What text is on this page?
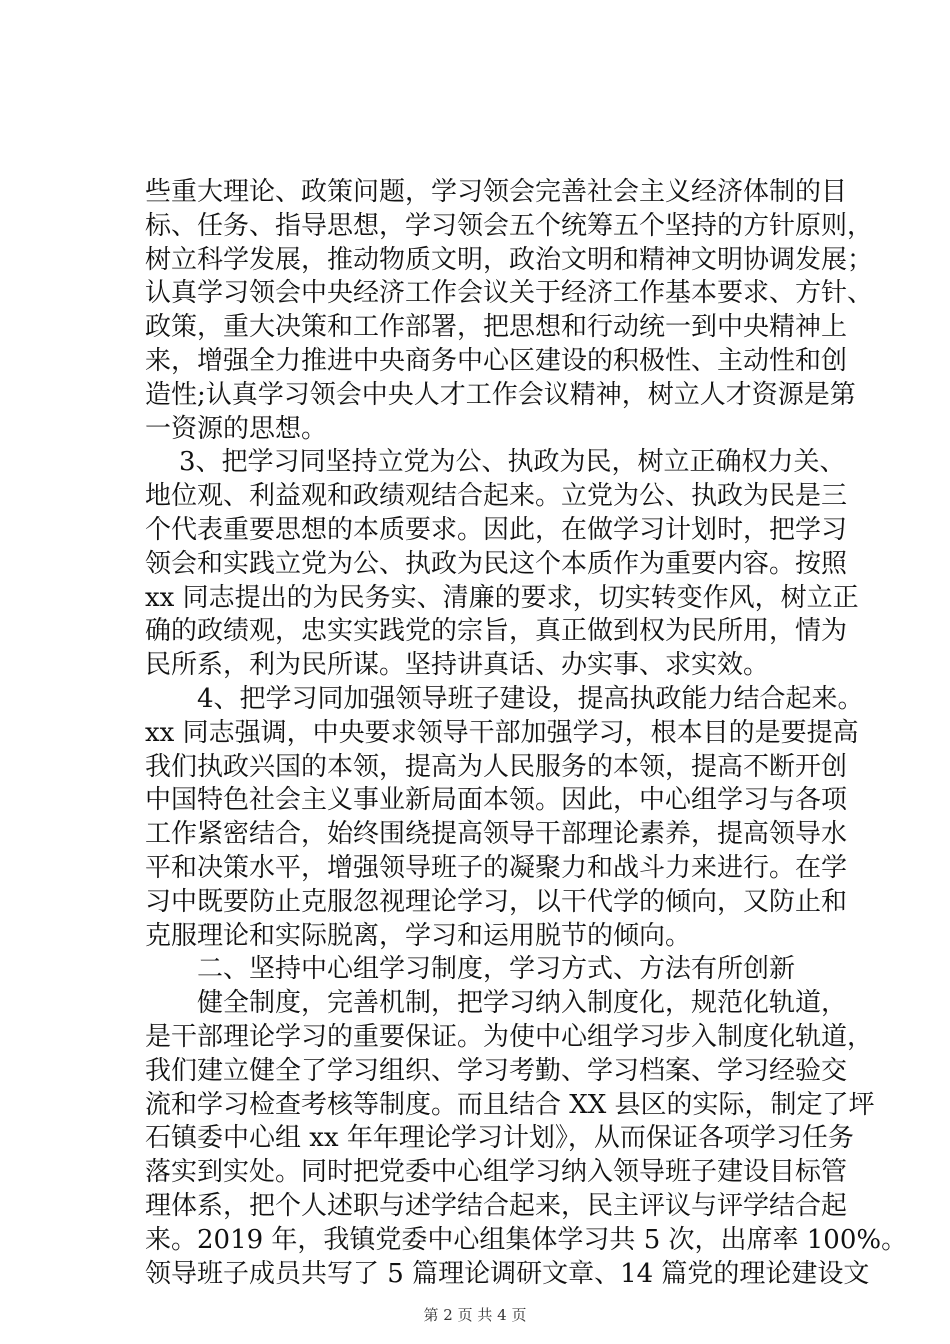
些重大理论、政策问题，学习领会完善社会主义经济体制的目
标、任务、指导思想，学习领会五个统筹五个坚持的方针原则，
树立科学发展，推动物质文明，政治文明和精神文明协调发展；
认真学习领会中央经济工作会议关于经济工作基本要求、方针、
政策，重大决策和工作部署，把思想和行动统一到中央精神上
来，增强全力推进中央商务中心区建设的积极性、主动性和创
造性;认真学习领会中央人才工作会议精神，树立人才资源是第
一资源的思想。
3、把学习同坚持立党为公、执政为民，树立正确权力关、
地位观、利益观和政绩观结合起来。立党为公、执政为民是三
个代表重要思想的本质要求。因此，在做学习计划时，把学习
领会和实践立党为公、执政为民这个本质作为重要内容。按照
xx 同志提出的为民务实、清廉的要求，切实转变作风，树立正
确的政绩观，忠实实践党的宗旨，真正做到权为民所用，情为
民所系，利为民所谋。坚持讲真话、办实事、求实效。
4、把学习同加强领导班子建设，提高执政能力结合起来。
xx 同志强调，中央要求领导干部加强学习，根本目的是要提高
我们执政兴国的本领，提高为人民服务的本领，提高不断开创
中国特色社会主义事业新局面本领。因此，中心组学习与各项
工作紧密结合，始终围绕提高领导干部理论素养，提高领导水
平和决策水平，增强领导班子的凝聚力和战斗力来进行。在学
习中既要防止克服忽视理论学习，以干代学的倾向，又防止和
克服理论和实际脱离，学习和运用脱节的倾向。
二、坚持中心组学习制度，学习方式、方法有所创新
健全制度，完善机制，把学习纳入制度化，规范化轨道，
是干部理论学习的重要保证。为使中心组学习步入制度化轨道，
我们建立健全了学习组织、学习考勤、学习档案、学习经验交
流和学习检查考核等制度。而且结合 XX 县区的实际，制定了坪
石镇委中心组 xx 年年理论学习计划》，从而保证各项学习任务
落实到实处。同时把党委中心组学习纳入领导班子建设目标管
理体系，把个人述职与述学结合起来，民主评议与评学结合起
来。2019 年，我镇党委中心组集体学习共 5 次，出席率 100%。
领导班子成员共写了 5 篇理论调研文章、14 篇党的理论建设文
第 2 页 共 4 页
